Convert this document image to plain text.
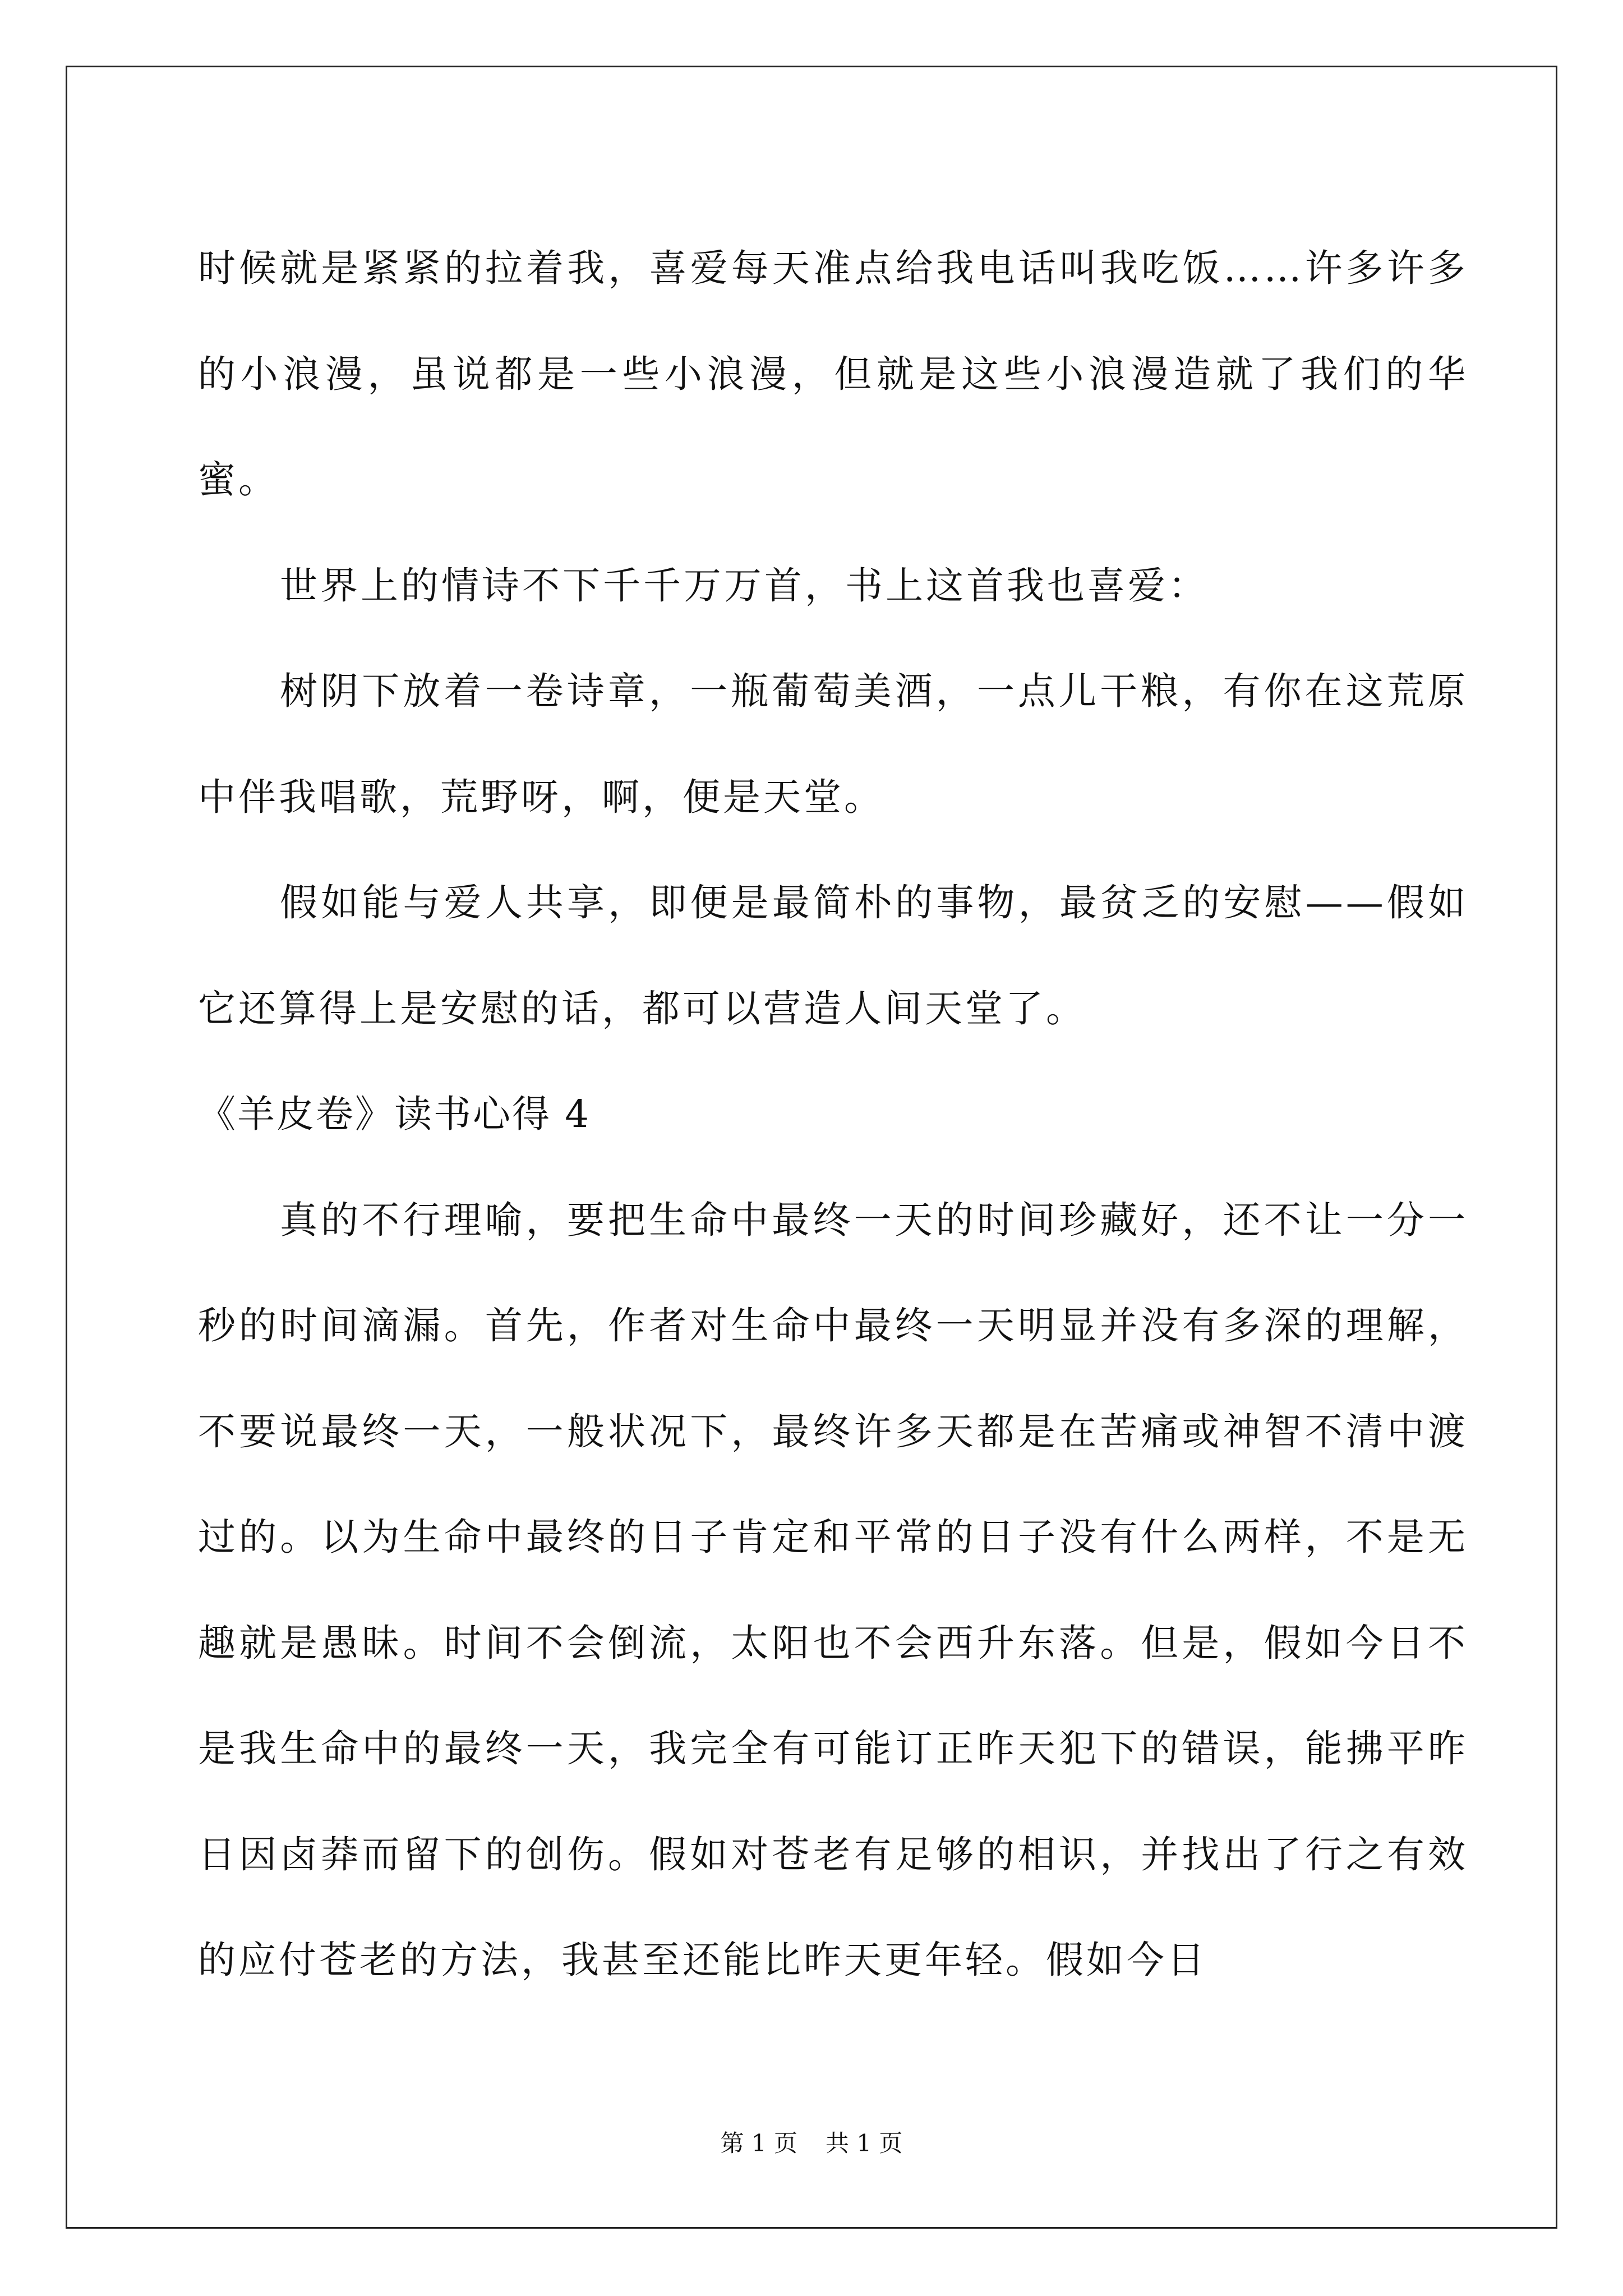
时候就是紧紧的拉着我，喜爱每天准点给我电话叫我吃饭……许多许多的小浪漫，虽说都是一些小浪漫，但就是这些小浪漫造就了我们的华蜜。

世界上的情诗不下千千万万首，书上这首我也喜爱：

树阴下放着一卷诗章，一瓶葡萄美酒，一点儿干粮，有你在这荒原中伴我唱歌，荒野呀，啊，便是天堂。

假如能与爱人共享，即便是最简朴的事物，最贫乏的安慰——假如它还算得上是安慰的话，都可以营造人间天堂了。

《羊皮卷》读书心得 4

真的不行理喻，要把生命中最终一天的时间珍藏好，还不让一分一秒的时间滴漏。首先，作者对生命中最终一天明显并没有多深的理解，不要说最终一天，一般状况下，最终许多天都是在苦痛或神智不清中渡过的。以为生命中最终的日子肯定和平常的日子没有什么两样，不是无趣就是愚昧。时间不会倒流，太阳也不会西升东落。但是，假如今日不是我生命中的最终一天，我完全有可能订正昨天犯下的错误，能拂平昨日因卤莽而留下的创伤。假如对苍老有足够的相识，并找出了行之有效的应付苍老的方法，我甚至还能比昨天更年轻。假如今日

第 1 页 共 1 页
